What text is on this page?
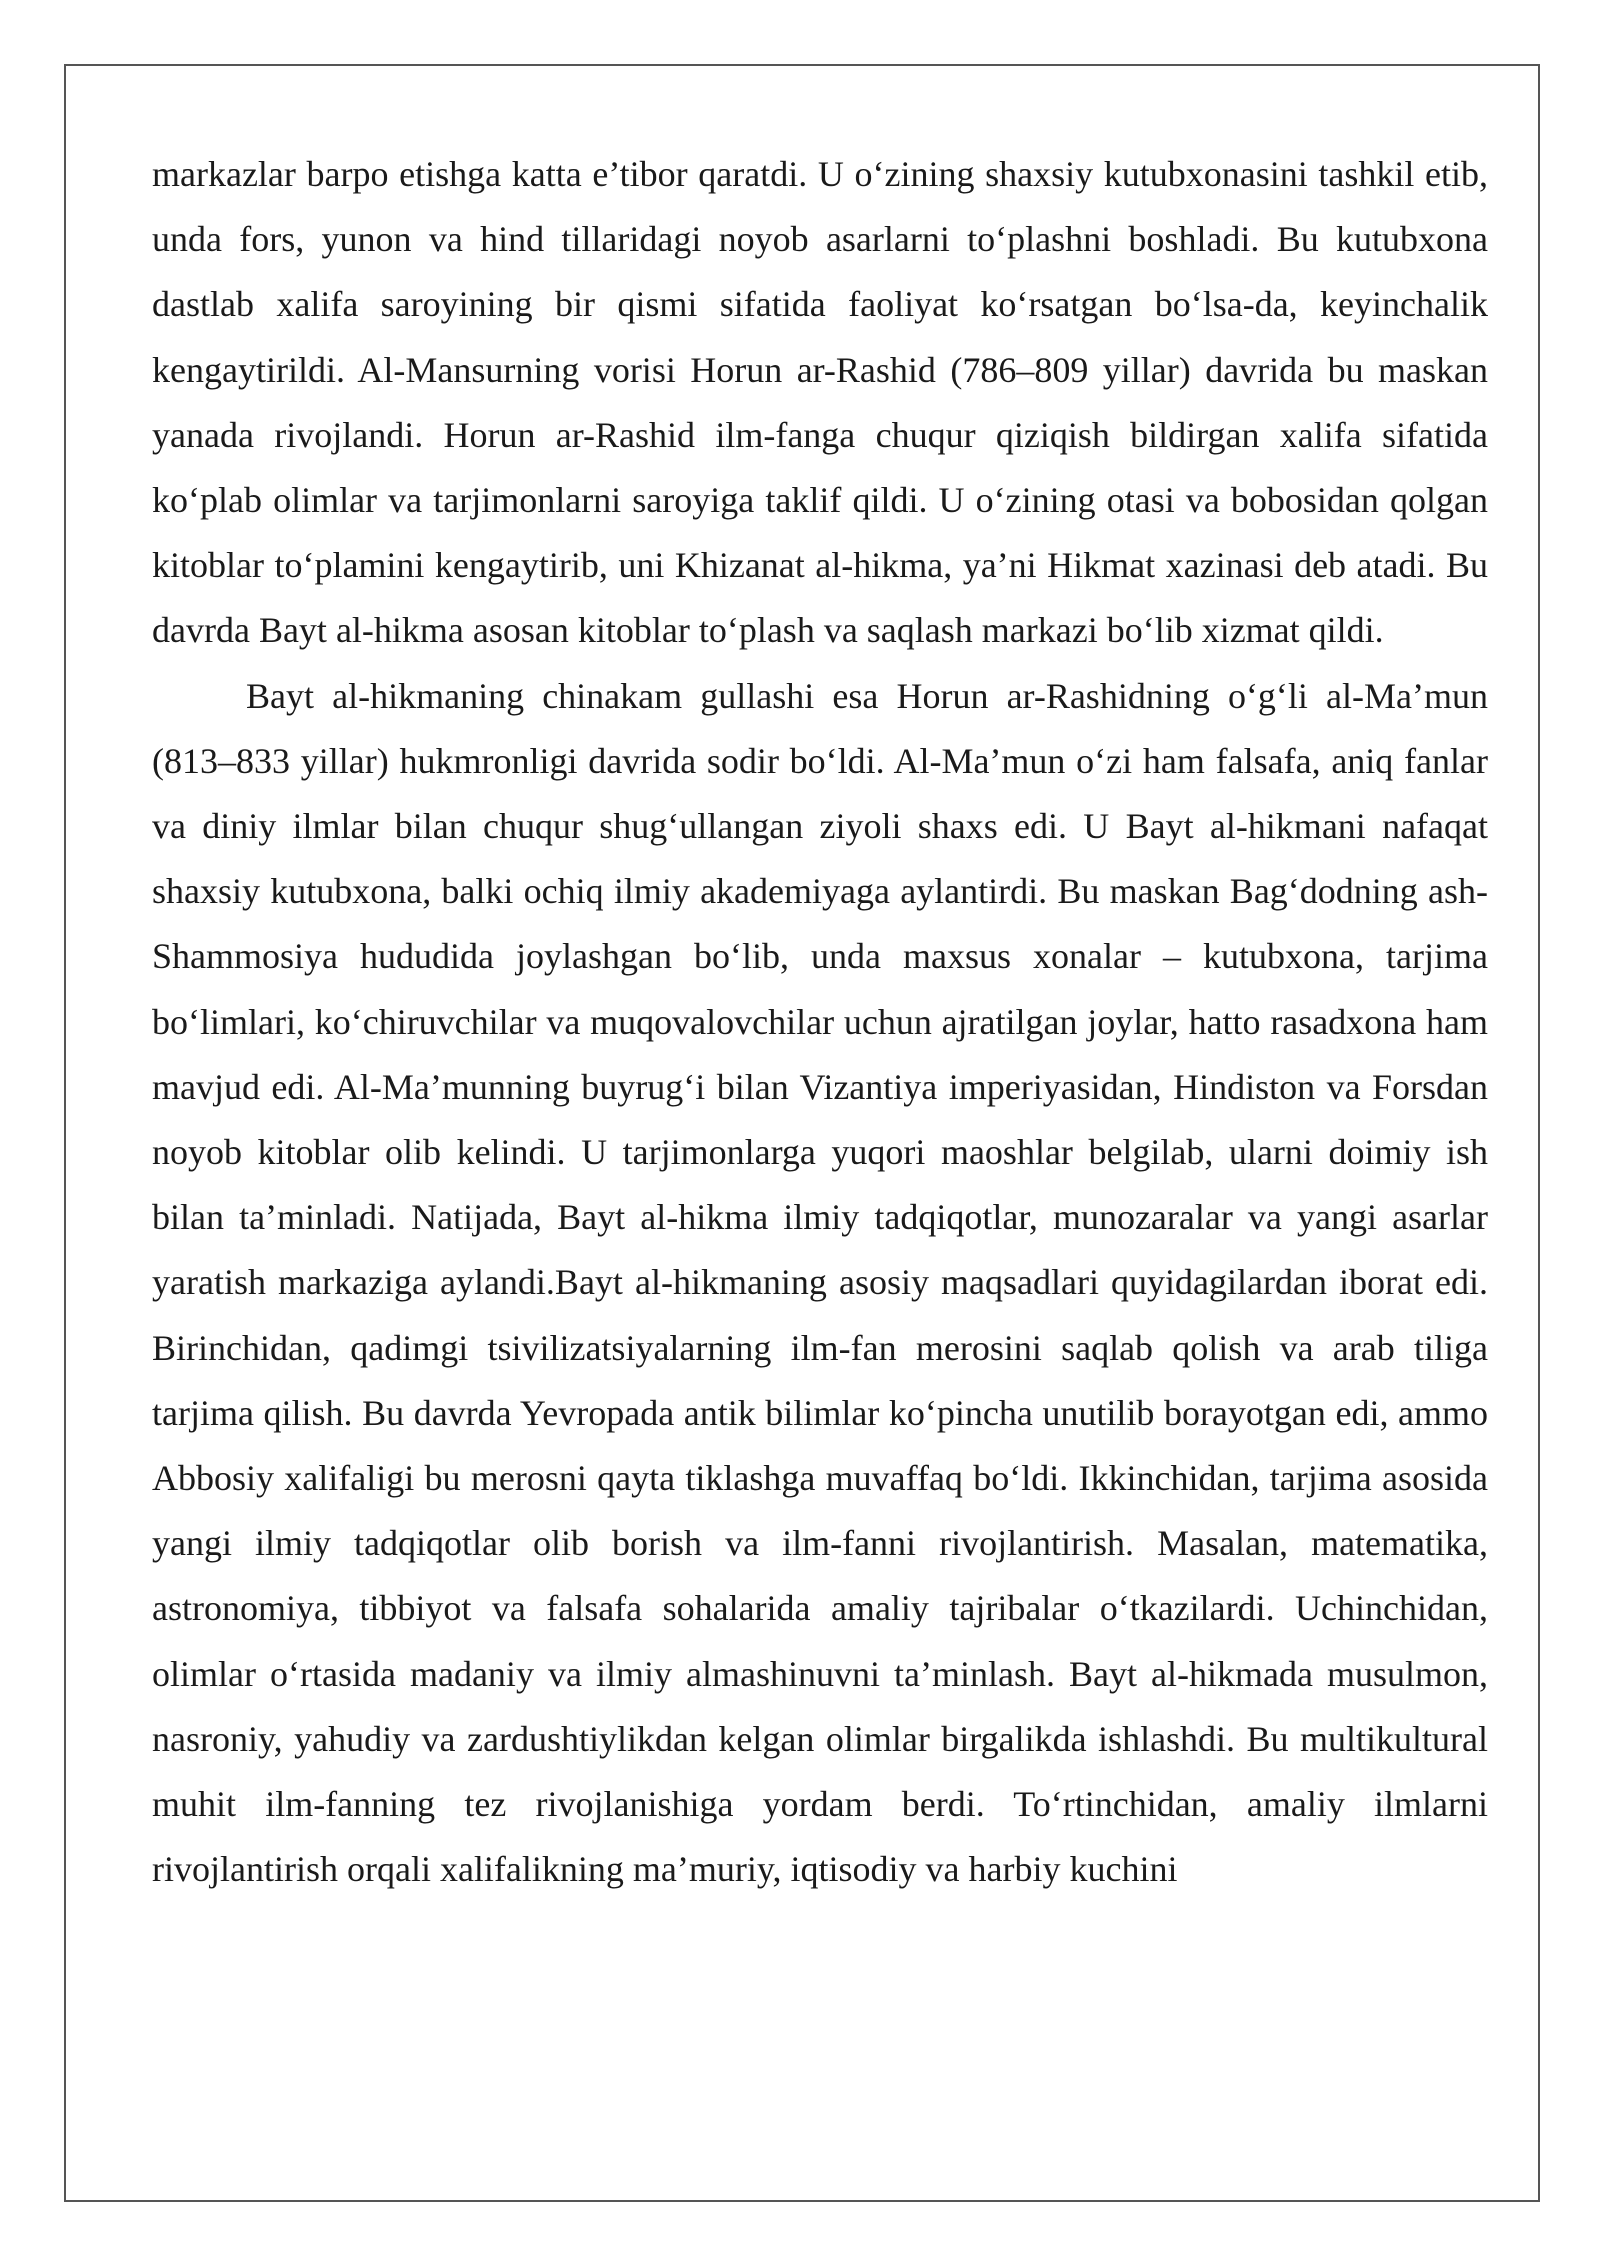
markazlar barpo etishga katta e’tibor qaratdi. U o‘zining shaxsiy kutubxonasini tashkil etib, unda fors, yunon va hind tillaridagi noyob asarlarni to‘plashni boshladi. Bu kutubxona dastlab xalifa saroyining bir qismi sifatida faoliyat ko‘rsatgan bo‘lsa-da, keyinchalik kengaytirildi. Al-Mansurning vorisi Horun ar-Rashid (786–809 yillar) davrida bu maskan yanada rivojlandi. Horun ar-Rashid ilm-fanga chuqur qiziqish bildirgan xalifa sifatida ko‘plab olimlar va tarjimonlarni saroyiga taklif qildi. U o‘zining otasi va bobosidan qolgan kitoblar to‘plamini kengaytirib, uni Khizanat al-hikma, ya’ni Hikmat xazinasi deb atadi. Bu davrda Bayt al-hikma asosan kitoblar to‘plash va saqlash markazi bo‘lib xizmat qildi.

Bayt al-hikmaning chinakam gullashi esa Horun ar-Rashidning o‘g‘li al-Ma’mun (813–833 yillar) hukmronligi davrida sodir bo‘ldi. Al-Ma’mun o‘zi ham falsafa, aniq fanlar va diniy ilmlar bilan chuqur shug‘ullangan ziyoli shaxs edi. U Bayt al-hikmani nafaqat shaxsiy kutubxona, balki ochiq ilmiy akademiyaga aylantirdi. Bu maskan Bag‘dodning ash-Shammosiya hududida joylashgan bo‘lib, unda maxsus xonalar – kutubxona, tarjima bo‘limlari, ko‘chiruvchilar va muqovalovchilar uchun ajratilgan joylar, hatto rasadxona ham mavjud edi. Al-Ma’munning buyrug‘i bilan Vizantiya imperiyasidan, Hindiston va Forsdan noyob kitoblar olib kelindi. U tarjimonlarga yuqori maoshlar belgilab, ularni doimiy ish bilan ta’minladi. Natijada, Bayt al-hikma ilmiy tadqiqotlar, munozaralar va yangi asarlar yaratish markaziga aylandi.Bayt al-hikmaning asosiy maqsadlari quyidagilardan iborat edi. Birinchidan, qadimgi tsivilizatsiyalarning ilm-fan merosini saqlab qolish va arab tiliga tarjima qilish. Bu davrda Yevropada antik bilimlar ko‘pincha unutilib borayotgan edi, ammo Abbosiy xalifaligi bu merosni qayta tiklashga muvaffaq bo‘ldi. Ikkinchidan, tarjima asosida yangi ilmiy tadqiqotlar olib borish va ilm-fanni rivojlantirish. Masalan, matematika, astronomiya, tibbiyot va falsafa sohalarida amaliy tajribalar o‘tkazilardi. Uchinchidan, olimlar o‘rtasida madaniy va ilmiy almashinuvni ta’minlash. Bayt al-hikmada musulmon, nasroniy, yahudiy va zardushtiylikdan kelgan olimlar birgalikda ishlashdi. Bu multikultural muhit ilm-fanning tez rivojlanishiga yordam berdi. To‘rtinchidan, amaliy ilmlarni rivojlantirish orqali xalifalikning ma’muriy, iqtisodiy va harbiy kuchini
